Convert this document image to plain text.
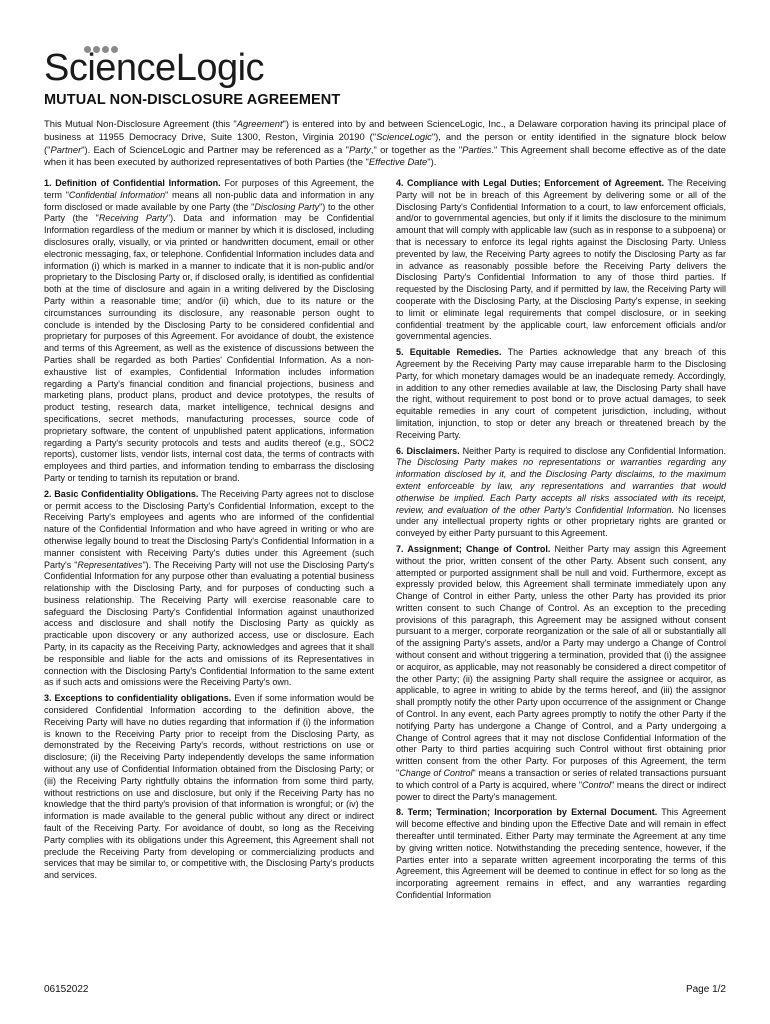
ScienceLogic
MUTUAL NON-DISCLOSURE AGREEMENT
This Mutual Non-Disclosure Agreement (this "Agreement") is entered into by and between ScienceLogic, Inc., a Delaware corporation having its principal place of business at 11955 Democracy Drive, Suite 1300, Reston, Virginia 20190 ("ScienceLogic"), and the person or entity identified in the signature block below ("Partner"). Each of ScienceLogic and Partner may be referenced as a "Party," or together as the "Parties." This Agreement shall become effective as of the date when it has been executed by authorized representatives of both Parties (the "Effective Date").

1. Definition of Confidential Information. For purposes of this Agreement, the term "Confidential Information" means all non-public data and information in any form disclosed or made available by one Party (the "Disclosing Party") to the other Party (the "Receiving Party"). Data and information may be Confidential Information regardless of the medium or manner by which it is disclosed, including disclosures orally, visually, or via printed or handwritten document, email or other electronic messaging, fax, or telephone. Confidential Information includes data and information (i) which is marked in a manner to indicate that it is non-public and/or proprietary to the Disclosing Party or, if disclosed orally, is identified as confidential both at the time of disclosure and again in a writing delivered by the Disclosing Party within a reasonable time; and/or (ii) which, due to its nature or the circumstances surrounding its disclosure, any reasonable person ought to conclude is intended by the Disclosing Party to be considered confidential and proprietary for purposes of this Agreement. For avoidance of doubt, the existence and terms of this Agreement, as well as the existence of discussions between the Parties shall be regarded as both Parties' Confidential Information. As a non-exhaustive list of examples, Confidential Information includes information regarding a Party's financial condition and financial projections, business and marketing plans, product plans, product and device prototypes, the results of product testing, research data, market intelligence, technical designs and specifications, secret methods, manufacturing processes, source code of proprietary software, the content of unpublished patent applications, information regarding a Party's security protocols and tests and audits thereof (e.g., SOC2 reports), customer lists, vendor lists, internal cost data, the terms of contracts with employees and third parties, and information tending to embarrass the disclosing Party or tending to tarnish its reputation or brand.

2. Basic Confidentiality Obligations. The Receiving Party agrees not to disclose or permit access to the Disclosing Party's Confidential Information, except to the Receiving Party's employees and agents who are informed of the confidential nature of the Confidential Information and who have agreed in writing or who are otherwise legally bound to treat the Disclosing Party's Confidential Information in a manner consistent with Receiving Party's duties under this Agreement (such Party's "Representatives"). The Receiving Party will not use the Disclosing Party's Confidential Information for any purpose other than evaluating a potential business relationship with the Disclosing Party, and for purposes of conducting such a business relationship. The Receiving Party will exercise reasonable care to safeguard the Disclosing Party's Confidential Information against unauthorized access and disclosure and shall notify the Disclosing Party as quickly as practicable upon discovery or any authorized access, use or disclosure. Each Party, in its capacity as the Receiving Party, acknowledges and agrees that it shall be responsible and liable for the acts and omissions of its Representatives in connection with the Disclosing Party's Confidential Information to the same extent as if such acts and omissions were the Receiving Party's own.

3. Exceptions to confidentiality obligations. Even if some information would be considered Confidential Information according to the definition above, the Receiving Party will have no duties regarding that information if (i) the information is known to the Receiving Party prior to receipt from the Disclosing Party, as demonstrated by the Receiving Party's records, without restrictions on use or disclosure; (ii) the Receiving Party independently develops the same information without any use of Confidential Information obtained from the Disclosing Party; or (iii) the Receiving Party rightfully obtains the information from some third party, without restrictions on use and disclosure, but only if the Receiving Party has no knowledge that the third party's provision of that information is wrongful; or (iv) the information is made available to the general public without any direct or indirect fault of the Receiving Party. For avoidance of doubt, so long as the Receiving Party complies with its obligations under this Agreement, this Agreement shall not preclude the Receiving Party from developing or commercializing products and services that may be similar to, or competitive with, the Disclosing Party's products and services.

4. Compliance with Legal Duties; Enforcement of Agreement. The Receiving Party will not be in breach of this Agreement by delivering some or all of the Disclosing Party's Confidential Information to a court, to law enforcement officials, and/or to governmental agencies, but only if it limits the disclosure to the minimum amount that will comply with applicable law (such as in response to a subpoena) or that is necessary to enforce its legal rights against the Disclosing Party. Unless prevented by law, the Receiving Party agrees to notify the Disclosing Party as far in advance as reasonably possible before the Receiving Party delivers the Disclosing Party's Confidential Information to any of those third parties. If requested by the Disclosing Party, and if permitted by law, the Receiving Party will cooperate with the Disclosing Party, at the Disclosing Party's expense, in seeking to limit or eliminate legal requirements that compel disclosure, or in seeking confidential treatment by the applicable court, law enforcement officials and/or governmental agencies.

5. Equitable Remedies. The Parties acknowledge that any breach of this Agreement by the Receiving Party may cause irreparable harm to the Disclosing Party, for which monetary damages would be an inadequate remedy. Accordingly, in addition to any other remedies available at law, the Disclosing Party shall have the right, without requirement to post bond or to prove actual damages, to seek equitable remedies in any court of competent jurisdiction, including, without limitation, injunction, to stop or deter any breach or threatened breach by the Receiving Party.

6. Disclaimers. Neither Party is required to disclose any Confidential Information. The Disclosing Party makes no representations or warranties regarding any information disclosed by it, and the Disclosing Party disclaims, to the maximum extent enforceable by law, any representations and warranties that would otherwise be implied. Each Party accepts all risks associated with its receipt, review, and evaluation of the other Party's Confidential Information. No licenses under any intellectual property rights or other proprietary rights are granted or conveyed by either Party pursuant to this Agreement.

7. Assignment; Change of Control. Neither Party may assign this Agreement without the prior, written consent of the other Party. Absent such consent, any attempted or purported assignment shall be null and void. Furthermore, except as expressly provided below, this Agreement shall terminate immediately upon any Change of Control in either Party, unless the other Party has provided its prior written consent to such Change of Control. As an exception to the preceding provisions of this paragraph, this Agreement may be assigned without consent pursuant to a merger, corporate reorganization or the sale of all or substantially all of the assigning Party's assets, and/or a Party may undergo a Change of Control without consent and without triggering a termination, provided that (i) the assignee or acquiror, as applicable, may not reasonably be considered a direct competitor of the other Party; (ii) the assigning Party shall require the assignee or acquiror, as applicable, to agree in writing to abide by the terms hereof, and (iii) the assignor shall promptly notify the other Party upon occurrence of the assignment or Change of Control. In any event, each Party agrees promptly to notify the other Party if the notifying Party has undergone a Change of Control, and a Party undergoing a Change of Control agrees that it may not disclose Confidential Information of the other Party to third parties acquiring such Control without first obtaining prior written consent from the other Party. For purposes of this Agreement, the term "Change of Control" means a transaction or series of related transactions pursuant to which control of a Party is acquired, where "Control" means the direct or indirect power to direct the Party's management.

8. Term; Termination; Incorporation by External Document. This Agreement will become effective and binding upon the Effective Date and will remain in effect thereafter until terminated. Either Party may terminate the Agreement at any time by giving written notice. Notwithstanding the preceding sentence, however, if the Parties enter into a separate written agreement incorporating the terms of this Agreement, this Agreement will be deemed to continue in effect for so long as the incorporating agreement remains in effect, and any warranties regarding Confidential Information

06152022	Page 1/2
